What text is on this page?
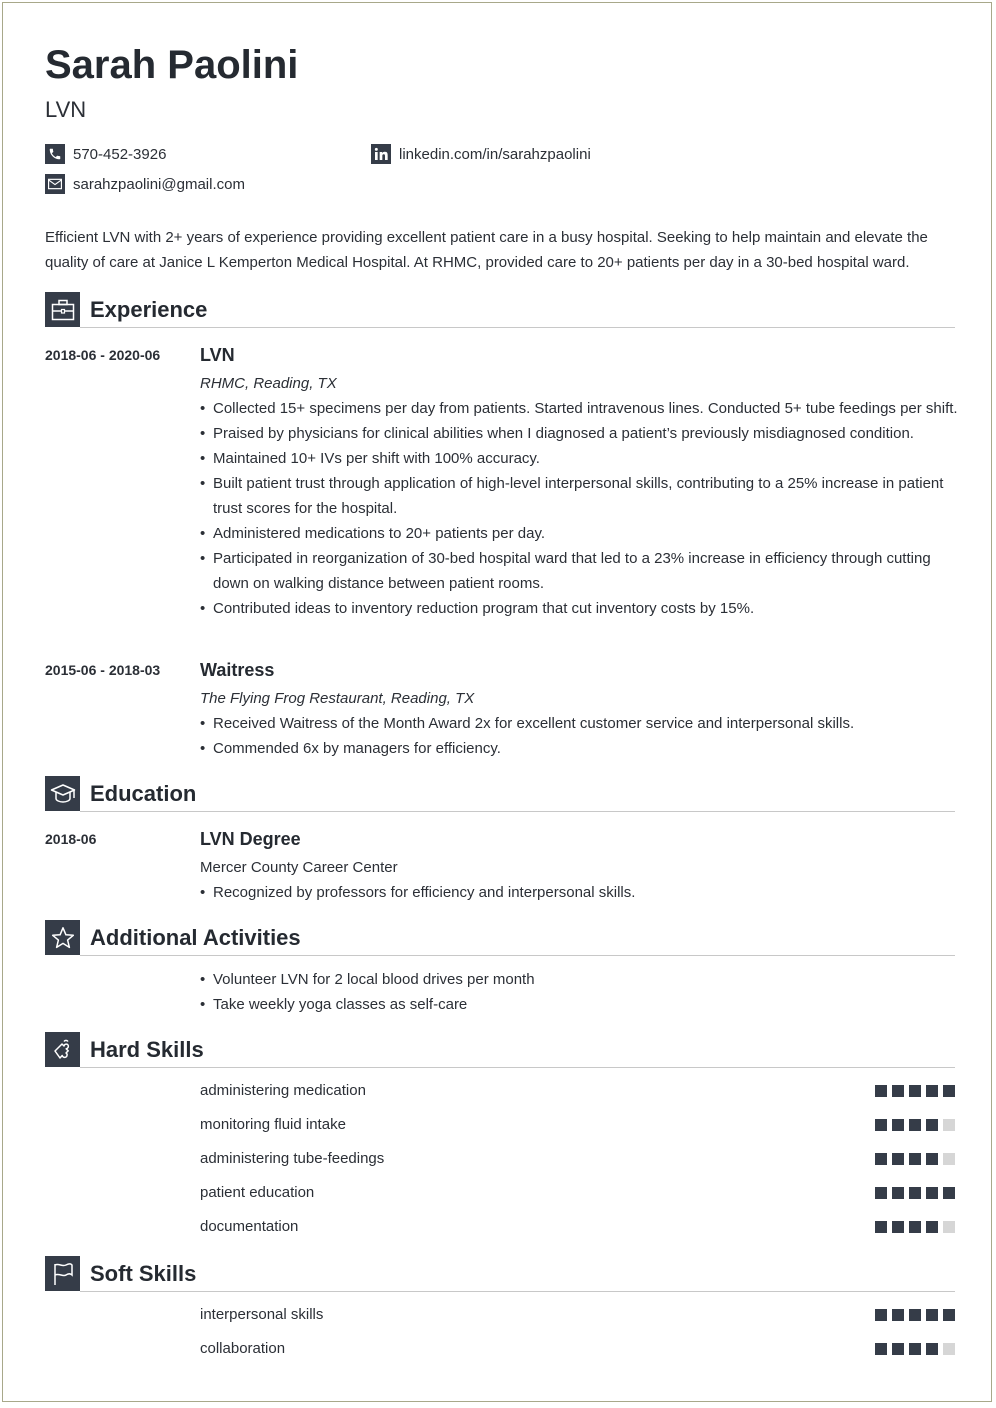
Sarah Paolini
LVN
570-452-3926	linkedin.com/in/sarahzpaolini
sarahzpaolini@gmail.com
Efficient LVN with 2+ years of experience providing excellent patient care in a busy hospital. Seeking to help maintain and elevate the quality of care at Janice L Kemperton Medical Hospital. At RHMC, provided care to 20+ patients per day in a 30-bed hospital ward.
Experience
2018-06 - 2020-06 LVN
RHMC, Reading, TX
• Collected 15+ specimens per day from patients. Started intravenous lines. Conducted 5+ tube feedings per shift.
• Praised by physicians for clinical abilities when I diagnosed a patient’s previously misdiagnosed condition.
• Maintained 10+ IVs per shift with 100% accuracy.
• Built patient trust through application of high-level interpersonal skills, contributing to a 25% increase in patient trust scores for the hospital.
• Administered medications to 20+ patients per day.
• Participated in reorganization of 30-bed hospital ward that led to a 23% increase in efficiency through cutting down on walking distance between patient rooms.
• Contributed ideas to inventory reduction program that cut inventory costs by 15%.
2015-06 - 2018-03 Waitress
The Flying Frog Restaurant, Reading, TX
• Received Waitress of the Month Award 2x for excellent customer service and interpersonal skills.
• Commended 6x by managers for efficiency.
Education
2018-06	LVN Degree
Mercer County Career Center
• Recognized by professors for efficiency and interpersonal skills.
Additional Activities
• Volunteer LVN for 2 local blood drives per month
• Take weekly yoga classes as self-care
Hard Skills
administering medication
monitoring fluid intake
administering tube-feedings
patient education
documentation
Soft Skills
interpersonal skills
collaboration
